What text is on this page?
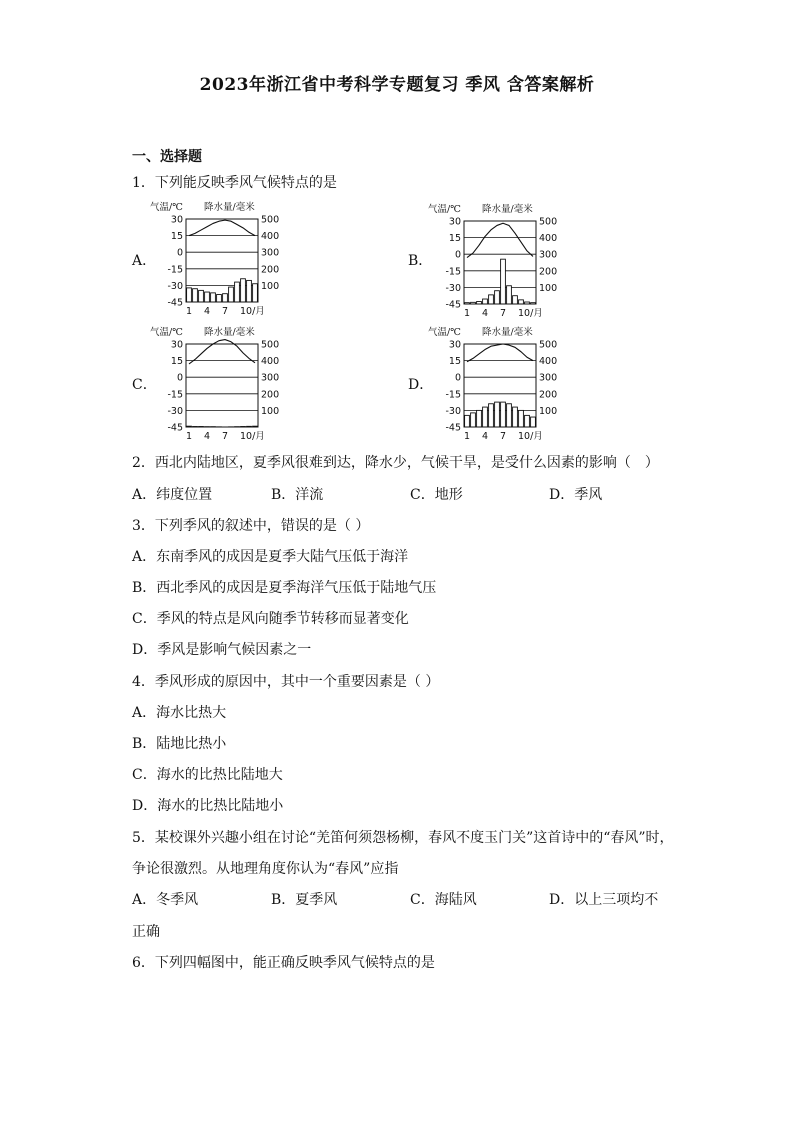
2023年浙江省中考科学专题复习 季风 含答案解析
一、选择题
1．下列能反映季风气候特点的是
A．
气温/℃ 降水量/毫米
30
15
0
-15
-30
-45
500
400
300
200
100
1 4 7 10/月
B．
气温/℃ 降水量/毫米
30
15
0
-15
-30
-45
500
400
300
200
100
1 4 7 10/月
C．
气温/℃ 降水量/毫米
30
15
0
-15
-30
-45
500
400
300
200
100
1 4 7 10/月
D．
气温/℃ 降水量/毫米
30
15
0
-15
-30
-45
500
400
300
200
100
1 4 7 10/月
2．西北内陆地区，夏季风很难到达，降水少，气候干旱，是受什么因素的影响（　）
A．纬度位置	B．洋流	C．地形	D．季风
3．下列季风的叙述中，错误的是（ ）
A．东南季风的成因是夏季大陆气压低于海洋
B．西北季风的成因是夏季海洋气压低于陆地气压
C．季风的特点是风向随季节转移而显著变化
D．季风是影响气候因素之一
4．季风形成的原因中，其中一个重要因素是（ ）
A．海水比热大
B．陆地比热小
C．海水的比热比陆地大
D．海水的比热比陆地小
5．某校课外兴趣小组在讨论“羌笛何须怨杨柳，春风不度玉门关”这首诗中的“春风”时，
争论很激烈。从地理角度你认为“春风”应指
A．冬季风	B．夏季风	C．海陆风	D．以上三项均不
正确
6．下列四幅图中，能正确反映季风气候特点的是
